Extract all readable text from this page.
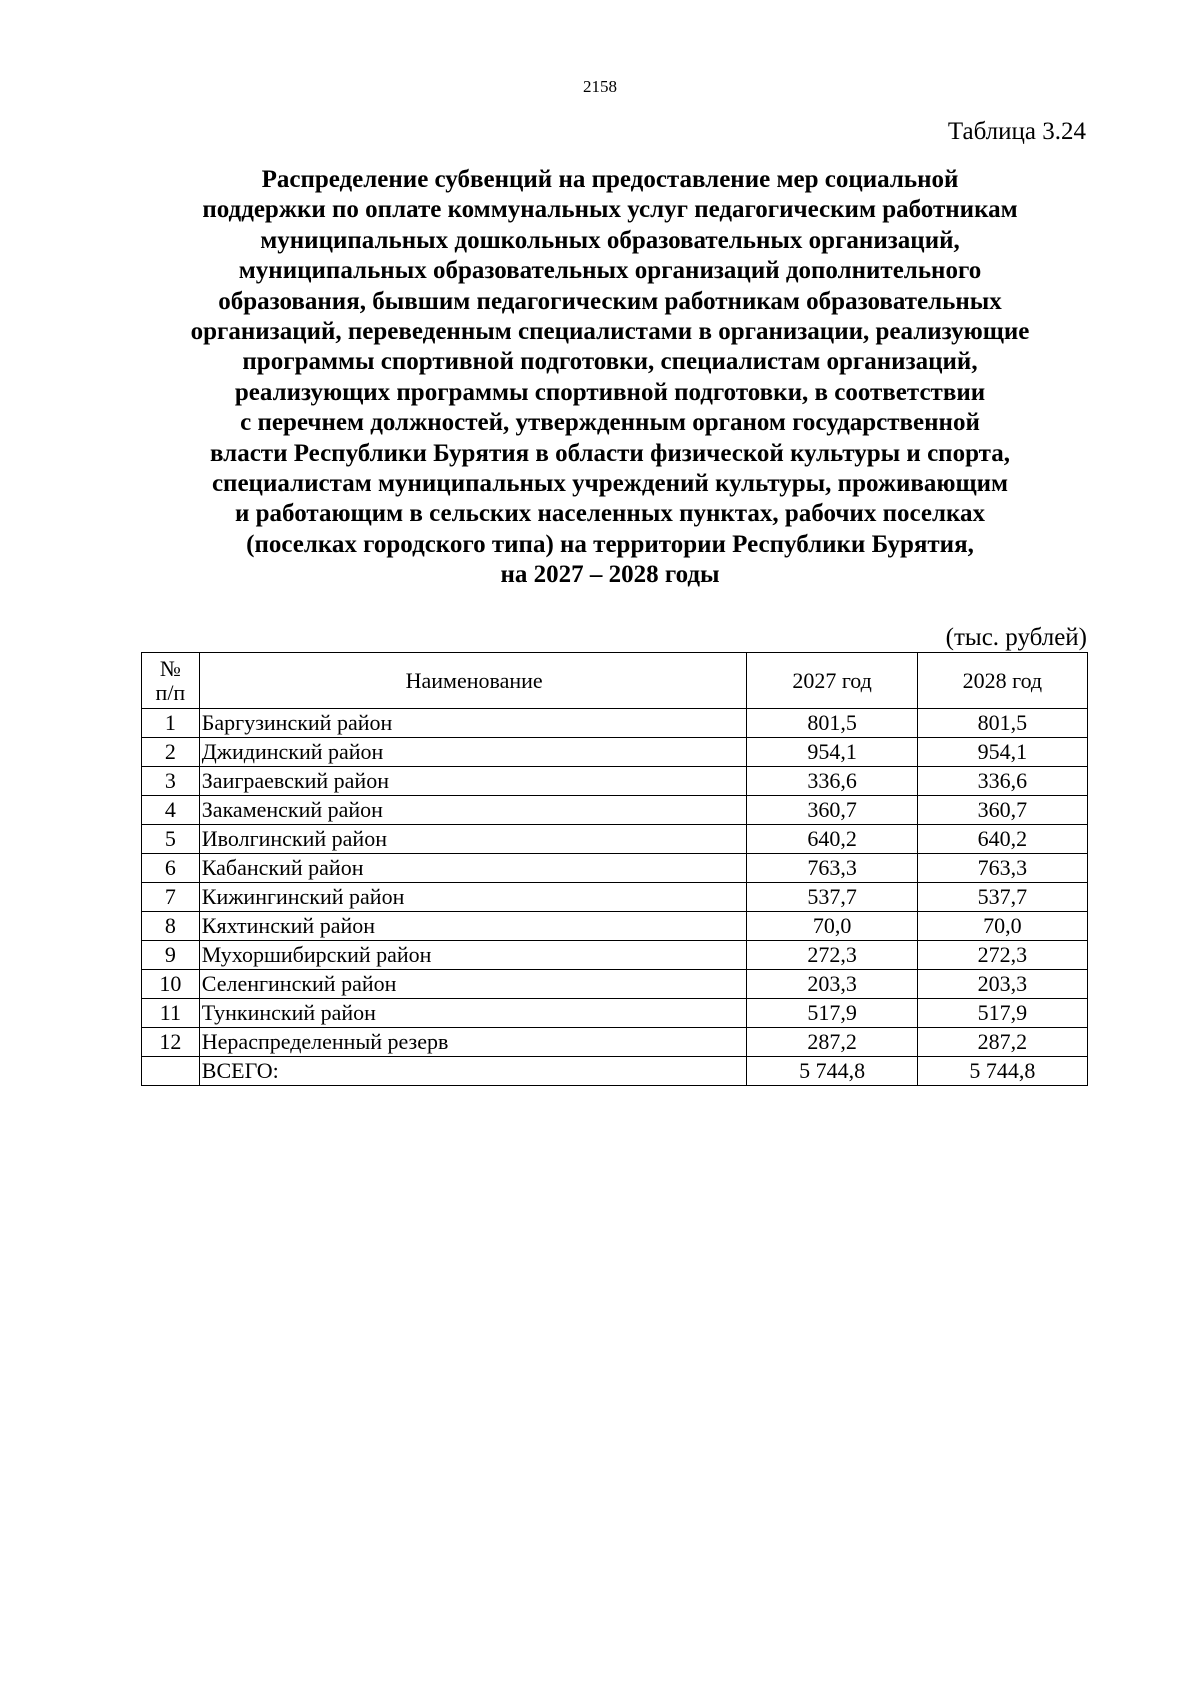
2158
Таблица 3.24
Распределение субвенций на предоставление мер социальной
поддержки по оплате коммунальных услуг педагогическим работникам
муниципальных дошкольных образовательных организаций,
муниципальных образовательных организаций дополнительного
образования, бывшим педагогическим работникам образовательных
организаций, переведенным специалистами в организации, реализующие
программы спортивной подготовки, специалистам организаций,
реализующих программы спортивной подготовки, в соответствии
с перечнем должностей, утвержденным органом государственной
власти Республики Бурятия в области физической культуры и спорта,
специалистам муниципальных учреждений культуры, проживающим
и работающим в сельских населенных пунктах, рабочих поселках
(поселках городского типа) на территории Республики Бурятия,
на 2027 – 2028 годы
(тыс. рублей)
№
п/п	Наименование	2027 год	2028 год
1	Баргузинский район	801,5	801,5
2	Джидинский район	954,1	954,1
3	Заиграевский район	336,6	336,6
4	Закаменский район	360,7	360,7
5	Иволгинский район	640,2	640,2
6	Кабанский район	763,3	763,3
7	Кижингинский район	537,7	537,7
8	Кяхтинский район	70,0	70,0
9	Мухоршибирский район	272,3	272,3
10	Селенгинский район	203,3	203,3
11	Тункинский район	517,9	517,9
12	Нераспределенный резерв	287,2	287,2
	ВСЕГО:	5 744,8	5 744,8
